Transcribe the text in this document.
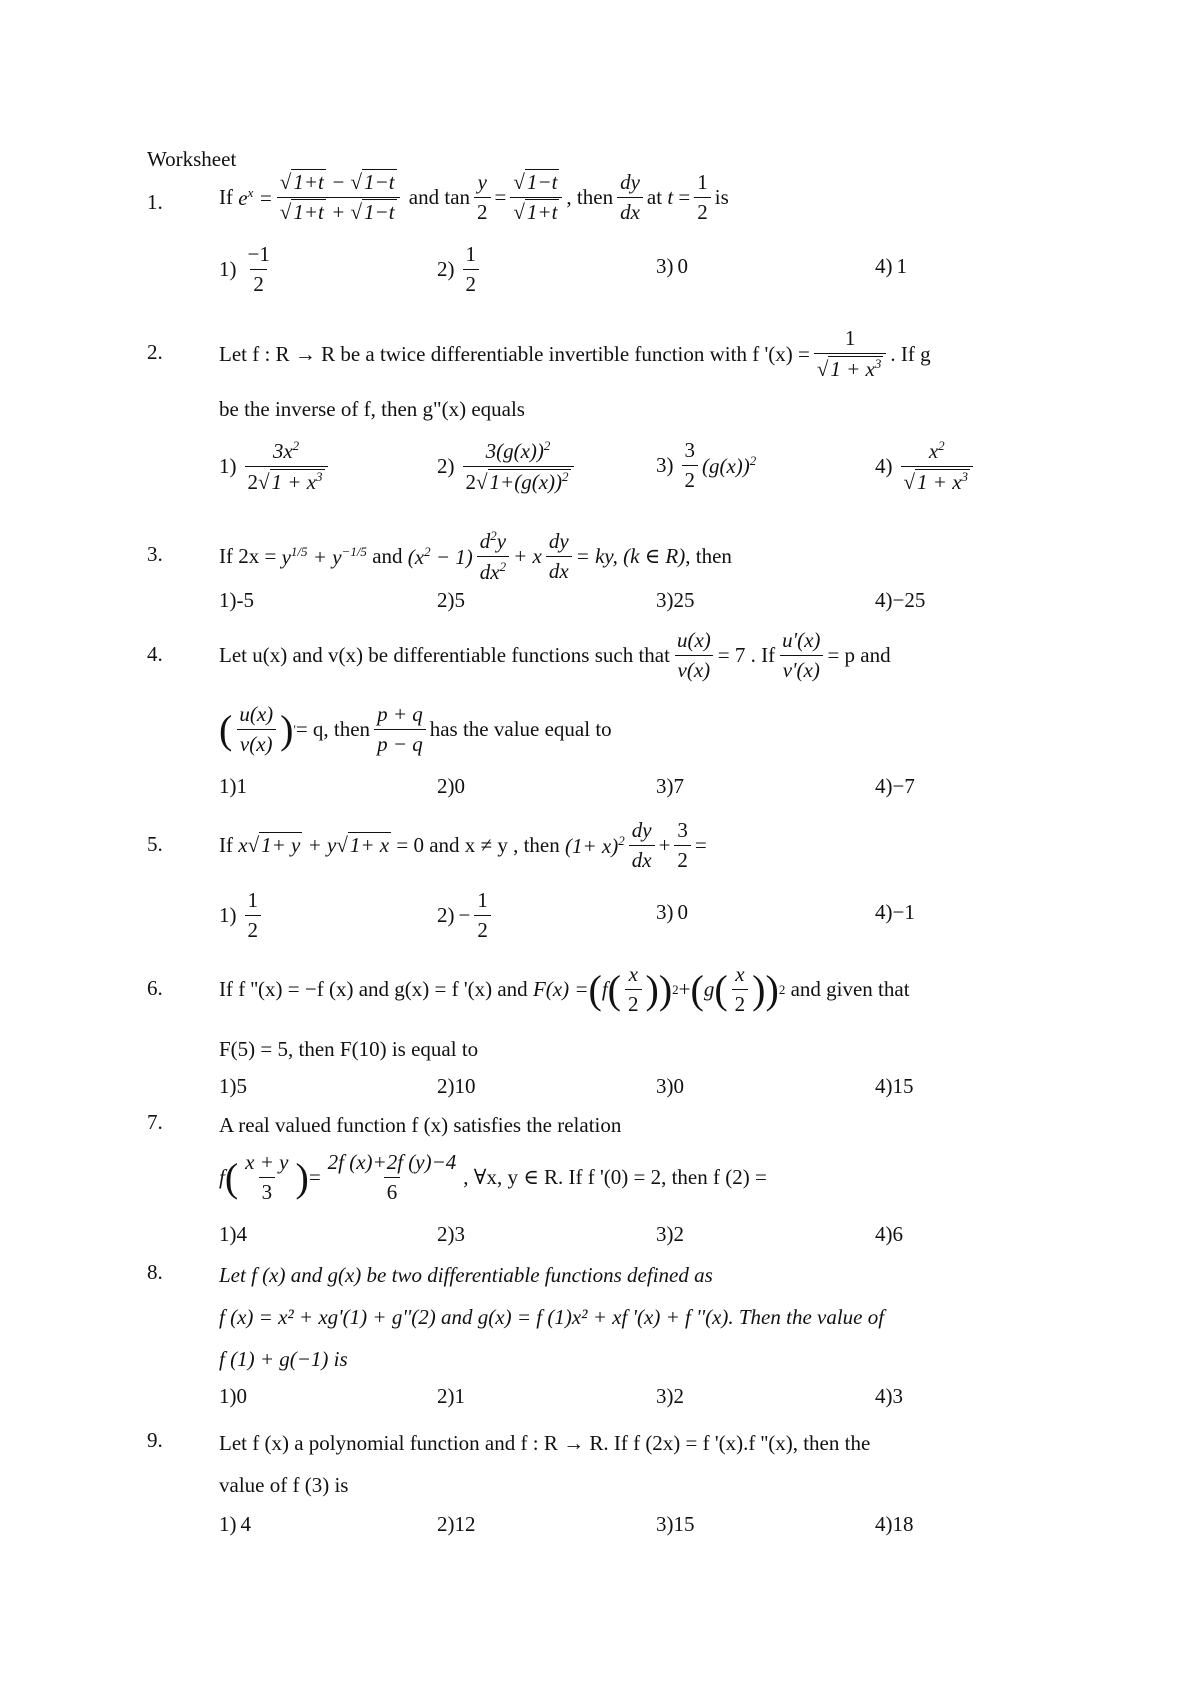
Worksheet
1.	If
$e^x = \frac{√1+t - √1-t}{√1+t + √1-t}$
and
$\tan \frac{y}{2} = \frac{√1-t}{√1+t}$ , then $\frac{dy}{dx}$ at
$t = \frac{1}{2}$ is
$1) \frac{-1}{2}$	$2) \frac{1}{2}$	3) 0	4) 1
2.	Let f : R → R be a twice differentiable invertible function with f '$(x) = \frac{1}{√1 + x^3}$ . If g
be the inverse of f, then g"(x) equals
$1) \frac{3x^2}{2√1 + x^3}$	$2) \frac{3(g(x))^2}{2√1+(g(x))^2}$	$3) \frac{3}{2} (g(x))^2$	$4) \frac{x^2}{√1 + x^3}$
3.	If 2x =
$y^{1/5} + y^{-1/5}$
and
$(x^2 - 1) \frac{d^2y}{dx^2} + x \frac{dy}{dx}$ = ky, (k ∈ R) , then
1) -5	2) 5	3) 25	4) −25
4.	Let u(x) and v(x) be differentiable functions such that $\frac{u(x)}{v(x)} = 7$ . If $\frac{u'(x)}{v'(x)} = p$ and
( $\frac{u(x)}{v(x)}$ ) ' = q, then $\frac{p + q}{p - q}$ has the value equal to
1) 1	2) 0	3) 7	4) −7
5.	If
x√1+ y + y√1+ x
= 0 and x ≠ y , then
$(1+ x)^2 \frac{dy}{dx} + \frac{3}{2}$ =
$1) \frac{1}{2}$	$2) - \frac{1}{2}$	3) 0	4) −1
6.	If f ''(x) = −f (x) and g(x) = f '(x) and
F(x) = ( f ( $\frac{x}{2}$ ) ) 2 + ( g ( $\frac{x}{2}$ ) ) 2
and given that
F(5) = 5, then F(10) is equal to
1) 5	2) 10	3) 0	4) 15
7.	A real valued function f (x) satisfies the relation
f ( $\frac{x + y}{3}$ ) = $\frac{2f (x)+2f (y)-4}{6}$ , ∀x, y ∈ R. If f '(0) = 2, then f (2) =
1) 4	2) 3	3) 2	4) 6
8.	Let f (x) and g(x) be two differentiable functions defined as
f (x) = x² + xg'(1) + g''(2) and g(x) = f (1)x² + xf '(x) + f ''(x). Then the value of
f (1) + g(−1) is
1) 0	2) 1	3) 2	4) 3
9.	Let f (x) a polynomial function and f : R → R. If f (2x) = f '(x).f ''(x), then the
value of f (3) is
1) 4	2) 12	3) 15	4) 18
